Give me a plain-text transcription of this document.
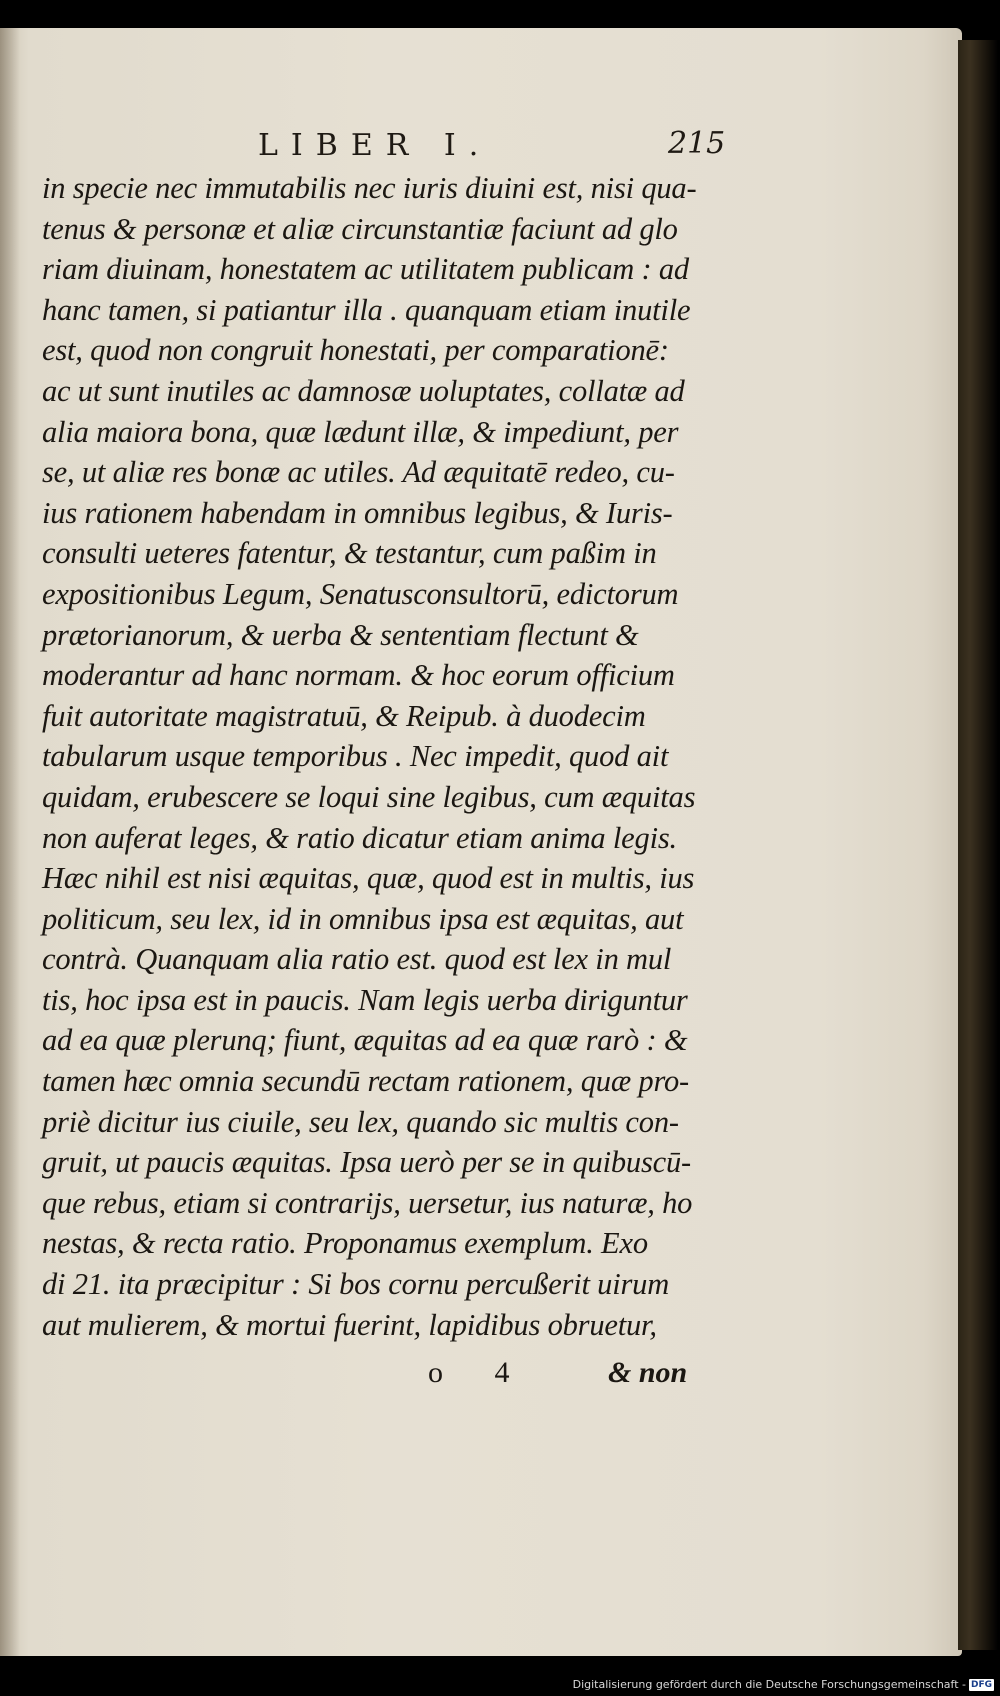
LIBER I.	215
in specie nec immutabilis nec iuris diuini est, nisi qua-
tenus & personæ et aliæ circunstantiæ faciunt ad glo
riam diuinam, honestatem ac utilitatem publicam : ad
hanc tamen, si patiantur illa . quanquam etiam inutile
est, quod non congruit honestati, per comparationē:
ac ut sunt inutiles ac damnosæ uoluptates, collatæ ad
alia maiora bona, quæ lædunt illæ, & impediunt, per
se, ut aliæ res bonæ ac utiles. Ad æquitatē redeo, cu-
ius rationem habendam in omnibus legibus, & Iuris-
consulti ueteres fatentur, & testantur, cum paßim in
expositionibus Legum, Senatusconsultorū, edictorum
prætorianorum, & uerba & sententiam flectunt &
moderantur ad hanc normam. & hoc eorum officium
fuit autoritate magistratuū, & Reipub. à duodecim
tabularum usque temporibus . Nec impedit, quod ait
quidam, erubescere se loqui sine legibus, cum æquitas
non auferat leges, & ratio dicatur etiam anima legis.
Hæc nihil est nisi æquitas, quæ, quod est in multis, ius
politicum, seu lex, id in omnibus ipsa est æquitas, aut
contrà. Quanquam alia ratio est. quod est lex in mul
tis, hoc ipsa est in paucis. Nam legis uerba diriguntur
ad ea quæ plerunq; fiunt, æquitas ad ea quæ rarò : &
tamen hæc omnia secundū rectam rationem, quæ pro-
priè dicitur ius ciuile, seu lex, quando sic multis con-
gruit, ut paucis æquitas. Ipsa uerò per se in quibuscū-
que rebus, etiam si contrarijs, uersetur, ius naturæ, ho
nestas, & recta ratio. Proponamus exemplum. Exo
di 21. ita præcipitur : Si bos cornu percußerit uirum
aut mulierem, & mortui fuerint, lapidibus obruetur,
o 4	& non
Digitalisierung gefördert durch die Deutsche Forschungsgemeinschaft - DFG
